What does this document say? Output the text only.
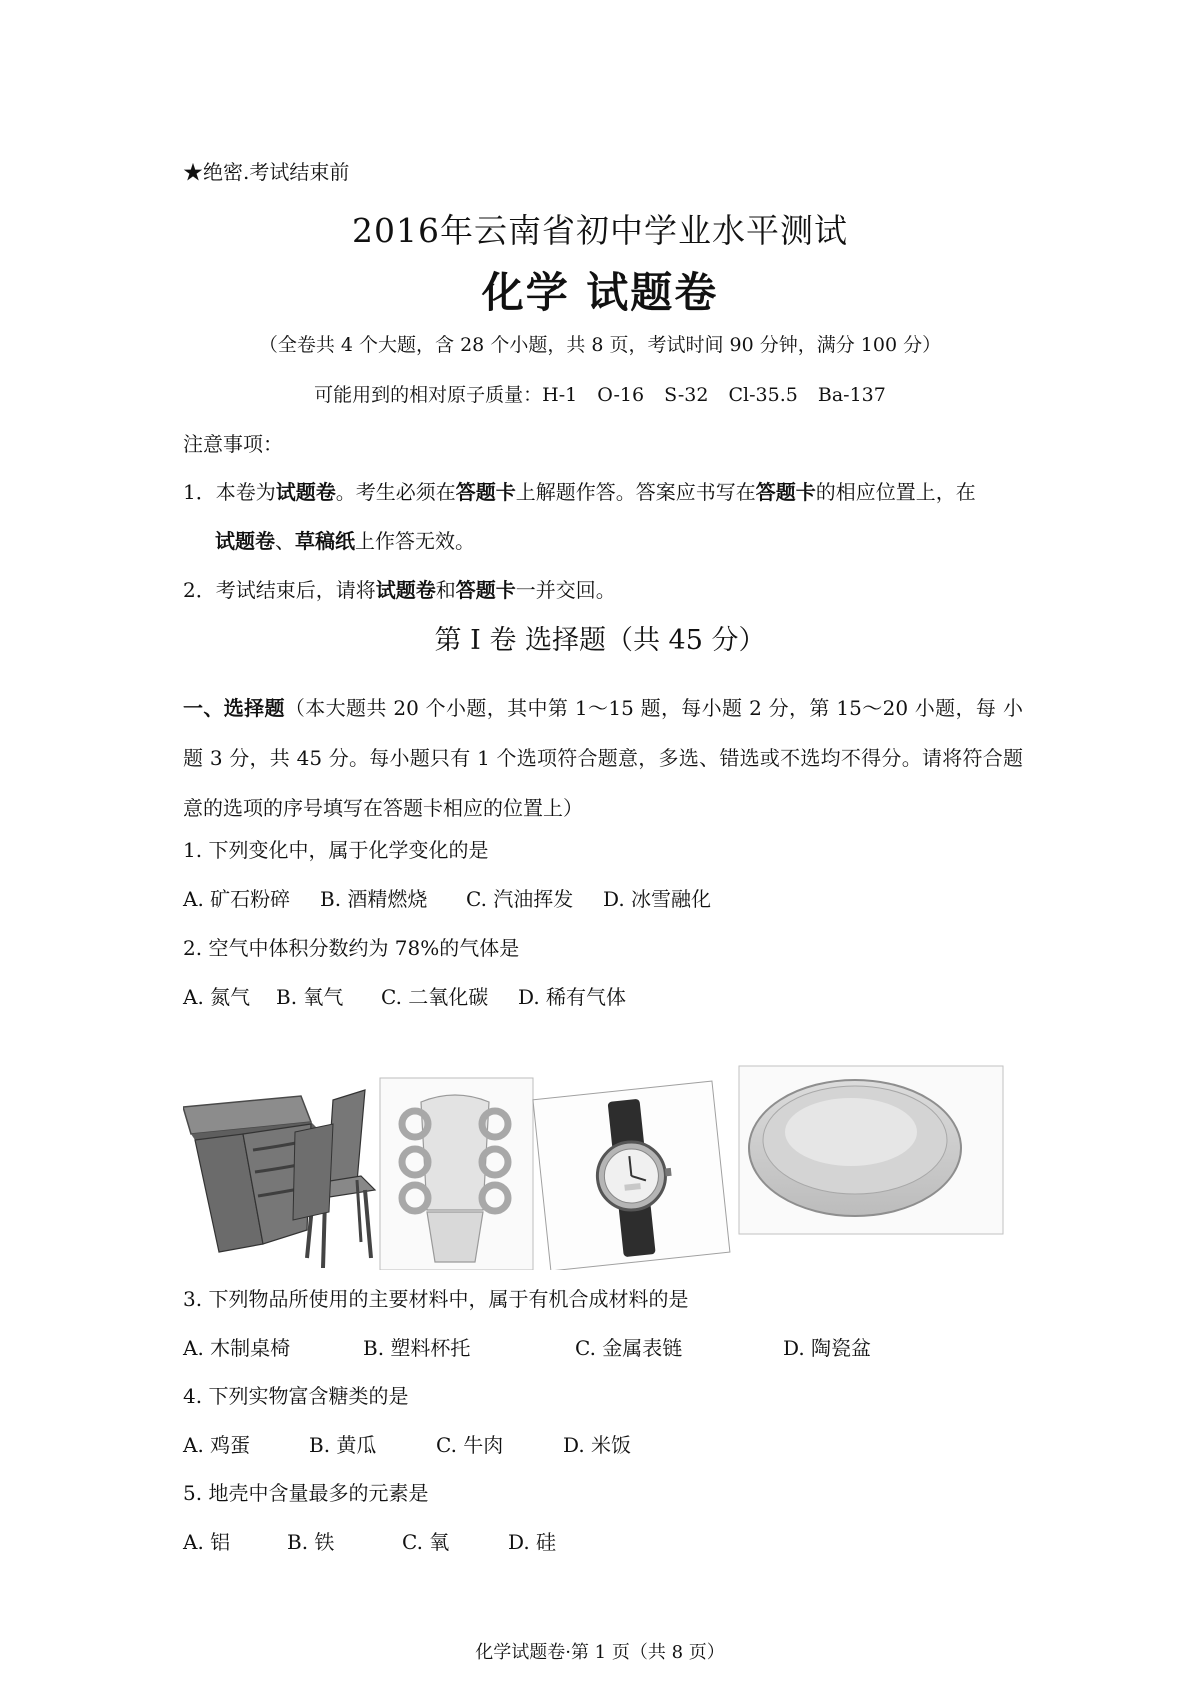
★绝密.考试结束前
2016年云南省初中学业水平测试
化学 试题卷
（全卷共 4 个大题，含 28 个小题，共 8 页，考试时间 90 分钟，满分 100 分）
可能用到的相对原子质量：H-1 O-16 S-32 Cl-35.5 Ba-137
注意事项：
1．本卷为试题卷。考生必须在答题卡上解题作答。答案应书写在答题卡的相应位置上，在
试题卷、草稿纸上作答无效。
2．考试结束后，请将试题卷和答题卡一并交回。
第 I 卷 选择题（共 45 分）
一、选择题（本大题共 20 个小题，其中第 1～15 题，每小题 2 分，第 15～20 小题，每 小题 3 分，共 45 分。每小题只有 1 个选项符合题意，多选、错选或不选均不得分。请将符合题意的选项的序号填写在答题卡相应的位置上）
1. 下列变化中，属于化学变化的是
A. 矿石粉碎 B. 酒精燃烧 C. 汽油挥发 D. 冰雪融化
2. 空气中体积分数约为 78%的气体是
A. 氮气 B. 氧气 C. 二氧化碳 D. 稀有气体
3. 下列物品所使用的主要材料中，属于有机合成材料的是
A. 木制桌椅	B. 塑料杯托	C. 金属表链	D. 陶瓷盆
4. 下列实物富含糖类的是
A. 鸡蛋	B. 黄瓜	C. 牛肉	D. 米饭
5. 地壳中含量最多的元素是
A. 铝	B. 铁	C. 氧	D. 硅
化学试题卷·第 1 页（共 8 页）
